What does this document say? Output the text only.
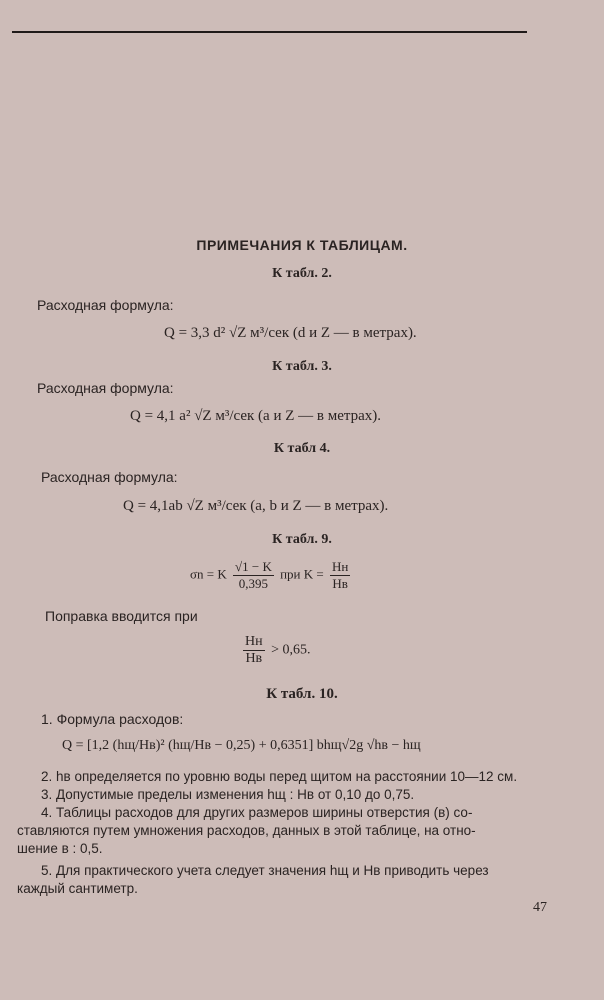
ПРИМЕЧАНИЯ К ТАБЛИЦАМ.
К табл. 2.
Расходная формула:
Q = 3,3 d² √Z м³/сек (d и Z — в метрах).
К табл. 3.
Расходная формула:
Q = 4,1 a² √Z м³/сек (a и Z — в метрах).
К табл 4.
Расходная формула:
Q = 4,1ab √Z м³/сек (a, b и Z — в метрах).
К табл. 9.
σn = K $\frac{√1 - K}{0,395}$ при $K = \frac{Hн}{Hв}$
Поправка вводится при
$\frac{Hн}{Hв} > 0,65$.
К табл. 10.
1. Формула расходов:
Q = [1,2 (hщ/Hв)² (hщ/Hв − 0,25) + 0,6351] bhщ√2g √hв − hщ
2. hв определяется по уровню воды перед щитом на расстоянии 10—12 см.
3. Допустимые пределы изменения hщ : Hв от 0,10 до 0,75.
4. Таблицы расходов для других размеров ширины отверстия (в) со-
ставляются путем умножения расходов, данных в этой таблице, на отно-
шение в : 0,5.
5. Для практического учета следует значения hщ и Hв приводить через
каждый сантиметр.
47
